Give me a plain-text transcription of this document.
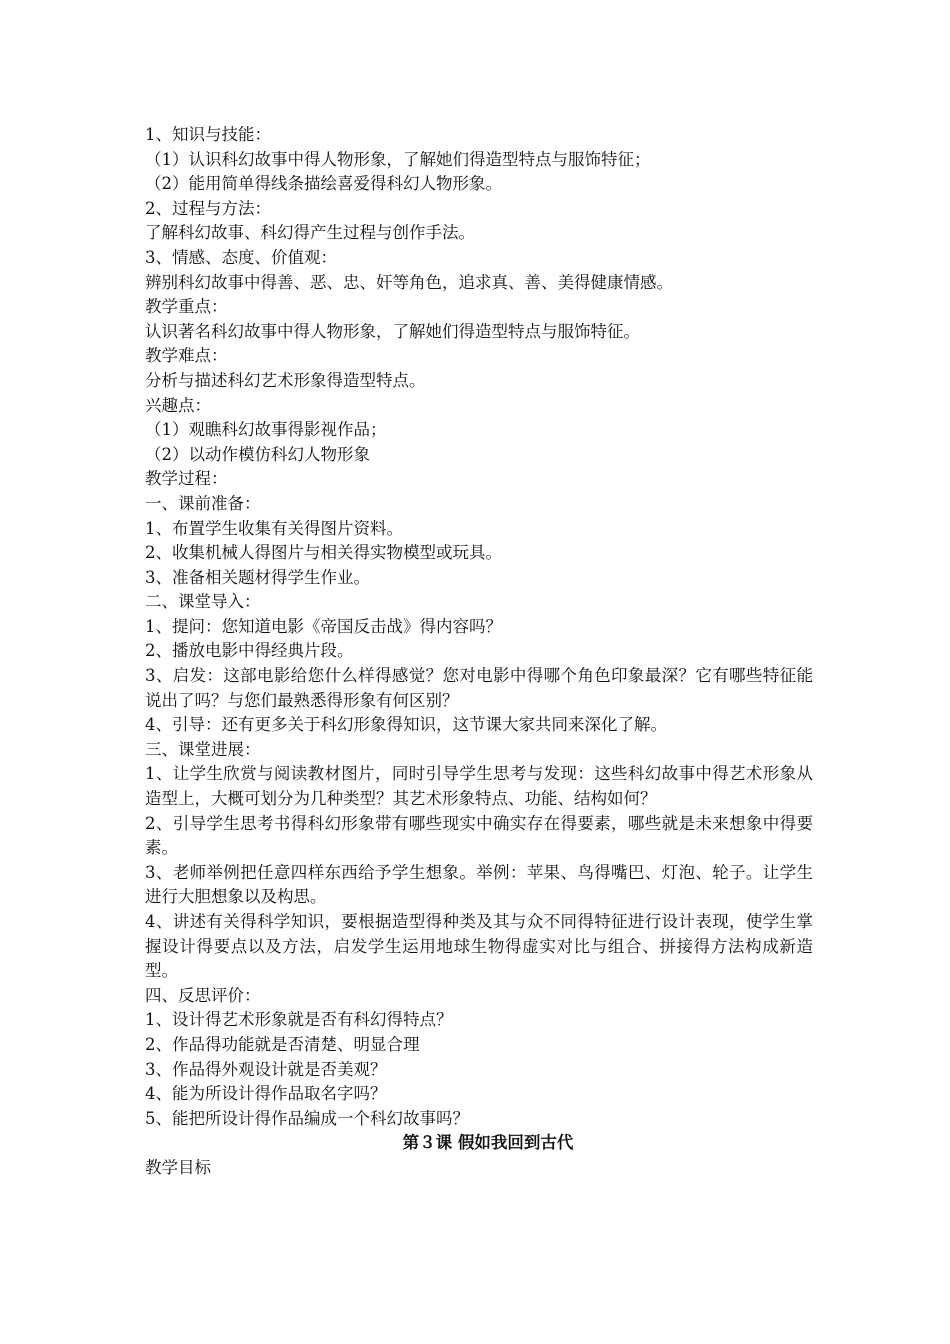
1、知识与技能：
（1）认识科幻故事中得人物形象，了解她们得造型特点与服饰特征；
（2）能用简单得线条描绘喜爱得科幻人物形象。
2、过程与方法：
了解科幻故事、科幻得产生过程与创作手法。
3、情感、态度、价值观：
辨别科幻故事中得善、恶、忠、奸等角色，追求真、善、美得健康情感。
教学重点：
认识著名科幻故事中得人物形象，了解她们得造型特点与服饰特征。
教学难点：
分析与描述科幻艺术形象得造型特点。
兴趣点：
（1）观瞧科幻故事得影视作品；
（2）以动作模仿科幻人物形象
教学过程：
一、课前准备：
1、布置学生收集有关得图片资料。
2、收集机械人得图片与相关得实物模型或玩具。
3、准备相关题材得学生作业。
二、课堂导入：
1、提问：您知道电影《帝国反击战》得内容吗？
2、播放电影中得经典片段。
3、启发：这部电影给您什么样得感觉？您对电影中得哪个角色印象最深？它有哪些特征能说出了吗？与您们最熟悉得形象有何区别？
4、引导：还有更多关于科幻形象得知识，这节课大家共同来深化了解。
三、课堂进展：
1、让学生欣赏与阅读教材图片，同时引导学生思考与发现：这些科幻故事中得艺术形象从造型上，大概可划分为几种类型？其艺术形象特点、功能、结构如何？
2、引导学生思考书得科幻形象带有哪些现实中确实存在得要素，哪些就是未来想象中得要素。
3、老师举例把任意四样东西给予学生想象。举例：苹果、鸟得嘴巴、灯泡、轮子。让学生进行大胆想象以及构思。
4、讲述有关得科学知识，要根据造型得种类及其与众不同得特征进行设计表现，使学生掌握设计得要点以及方法，启发学生运用地球生物得虚实对比与组合、拼接得方法构成新造型。
四、反思评价：
1、设计得艺术形象就是否有科幻得特点？
2、作品得功能就是否清楚、明显合理
3、作品得外观设计就是否美观？
4、能为所设计得作品取名字吗？
5、能把所设计得作品编成一个科幻故事吗？
第３课 假如我回到古代
教学目标
